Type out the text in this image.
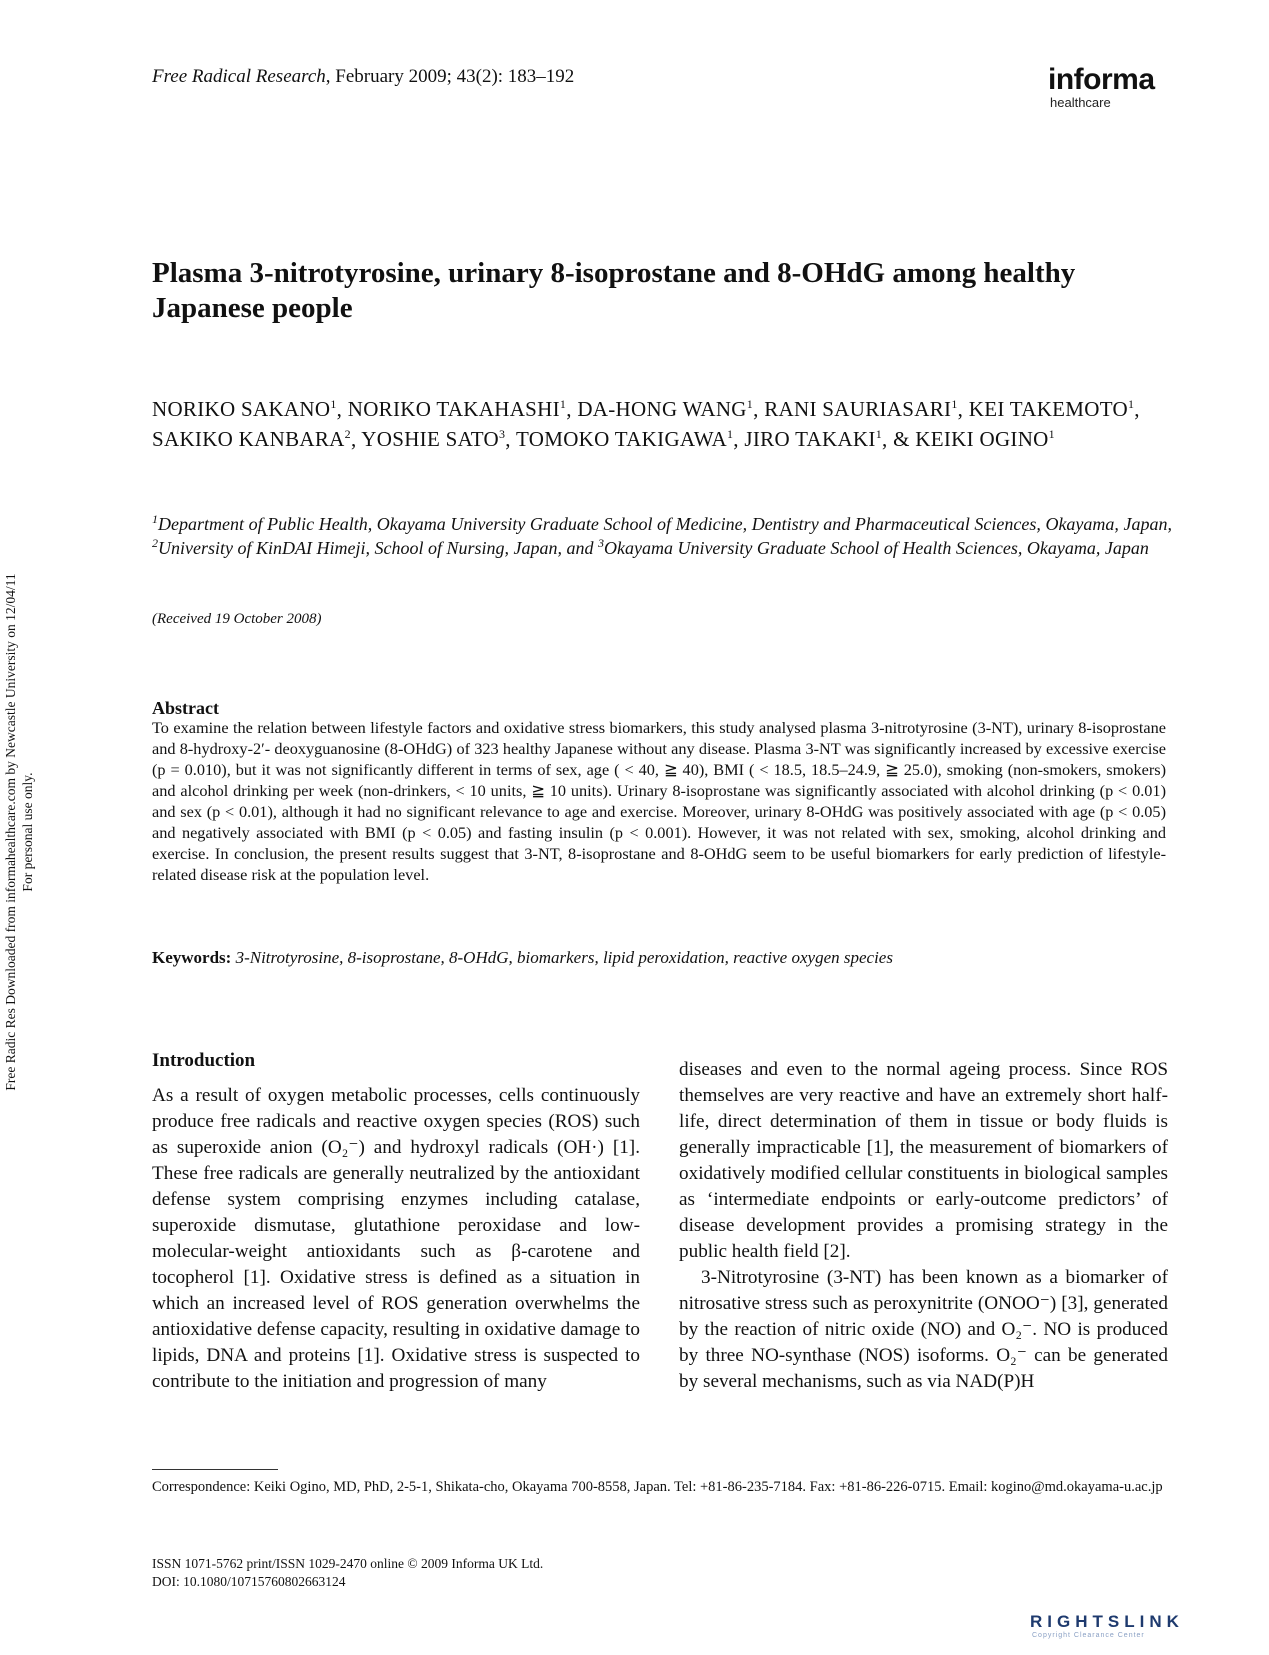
Free Radical Research, February 2009; 43(2): 183–192	informa
healthcare
Plasma 3-nitrotyrosine, urinary 8-isoprostane and 8-OHdG among healthy Japanese people
NORIKO SAKANO$^1$, NORIKO TAKAHASHI$^1$, DA-HONG WANG$^1$, RANI SAURIASARI$^1$, KEI TAKEMOTO$^1$, SAKIKO KANBARA$^2$, YOSHIE SATO$^3$, TOMOKO TAKIGAWA$^1$, JIRO TAKAKI$^1$, & KEIKI OGINO$^1$
$^1$Department of Public Health, Okayama University Graduate School of Medicine, Dentistry and Pharmaceutical Sciences, Okayama, Japan, $^2$University of KinDAI Himeji, School of Nursing, Japan, and $^3$Okayama University Graduate School of Health Sciences, Okayama, Japan
(Received 19 October 2008)
Abstract
To examine the relation between lifestyle factors and oxidative stress biomarkers, this study analysed plasma 3-nitrotyrosine (3-NT), urinary 8-isoprostane and 8-hydroxy-2′- deoxyguanosine (8-OHdG) of 323 healthy Japanese without any disease. Plasma 3-NT was significantly increased by excessive exercise (p = 0.010), but it was not significantly different in terms of sex, age ( < 40, ≧ 40), BMI ( < 18.5, 18.5–24.9, ≧ 25.0), smoking (non-smokers, smokers) and alcohol drinking per week (non-drinkers, < 10 units, ≧ 10 units). Urinary 8-isoprostane was significantly associated with alcohol drinking (p < 0.01) and sex (p < 0.01), although it had no significant relevance to age and exercise. Moreover, urinary 8-OHdG was positively associated with age (p < 0.05) and negatively associated with BMI (p < 0.05) and fasting insulin (p < 0.001). However, it was not related with sex, smoking, alcohol drinking and exercise. In conclusion, the present results suggest that 3-NT, 8-isoprostane and 8-OHdG seem to be useful biomarkers for early prediction of lifestyle-related disease risk at the population level.
Keywords: 3-Nitrotyrosine, 8-isoprostane, 8-OHdG, biomarkers, lipid peroxidation, reactive oxygen species
Introduction
As a result of oxygen metabolic processes, cells continuously produce free radicals and reactive oxygen species (ROS) such as superoxide anion (O₂⁻) and hydroxyl radicals (OH·) [1]. These free radicals are generally neutralized by the antioxidant defense system comprising enzymes including catalase, superoxide dismutase, glutathione peroxidase and low-molecular-weight antioxidants such as β-carotene and tocopherol [1]. Oxidative stress is defined as a situation in which an increased level of ROS generation overwhelms the antioxidative defense capacity, resulting in oxidative damage to lipids, DNA and proteins [1]. Oxidative stress is suspected to contribute to the initiation and progression of many

diseases and even to the normal ageing process. Since ROS themselves are very reactive and have an extremely short half-life, direct determination of them in tissue or body fluids is generally impracticable [1], the measurement of biomarkers of oxidatively modified cellular constituents in biological samples as ‘intermediate endpoints or early-outcome predictors’ of disease development provides a promising strategy in the public health field [2].

3-Nitrotyrosine (3-NT) has been known as a biomarker of nitrosative stress such as peroxynitrite (ONOO⁻) [3], generated by the reaction of nitric oxide (NO) and O₂⁻. NO is produced by three NO-synthase (NOS) isoforms. O₂⁻ can be generated by several mechanisms, such as via NAD(P)H

Correspondence: Keiki Ogino, MD, PhD, 2-5-1, Shikata-cho, Okayama 700-8558, Japan. Tel: +81-86-235-7184. Fax: +81-86-226-0715. Email: kogino@md.okayama-u.ac.jp
ISSN 1071-5762 print/ISSN 1029-2470 online © 2009 Informa UK Ltd.
DOI: 10.1080/10715760802663124
Free Radic Res Downloaded from informahealthcare.com by Newcastle University on 12/04/11 For personal use only.
RIGHTSLINK
Copyright Clearance Center
